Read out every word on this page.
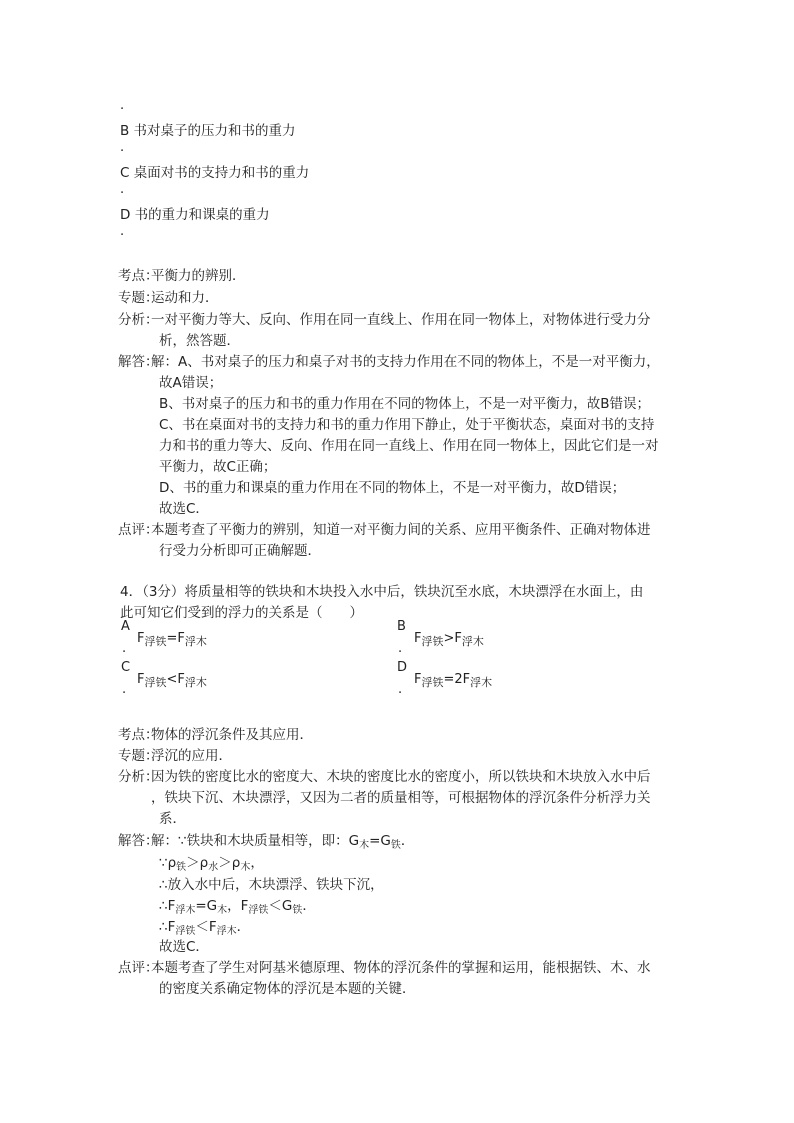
.
B 书对桌子的压力和书的重力
.
C 桌面对书的支持力和书的重力
.
D 书的重力和课桌的重力
.
考点：
平衡力的辨别．
专题：
运动和力．
分析：
一对平衡力等大、反向、作用在同一直线上、作用在同一物体上，对物体进行受力分
析，然答题．
解答：
解：A、书对桌子的压力和桌子对书的支持力作用在不同的物体上，不是一对平衡力，
故A错误；
B、书对桌子的压力和书的重力作用在不同的物体上，不是一对平衡力，故B错误；
C、书在桌面对书的支持力和书的重力作用下静止，处于平衡状态，桌面对书的支持
力和书的重力等大、反向、作用在同一直线上、作用在同一物体上，因此它们是一对
平衡力，故C正确；
D、书的重力和课桌的重力作用在不同的物体上，不是一对平衡力，故D错误；
故选C．
点评：
本题考查了平衡力的辨别，知道一对平衡力间的关系、应用平衡条件、正确对物体进
行受力分析即可正确解题．
4．（3分）将质量相等的铁块和木块投入水中后，铁块沉至水底，木块漂浮在水面上，由
此可知它们受到的浮力的关系是（　　）
A
.
$F_{浮铁}=F_{浮木}$
B
.
$F_{浮铁}>F_{浮木}$
C
.
$F_{浮铁}<F_{浮木}$
D
.
$F_{浮铁}=2F_{浮木}$
考点：
物体的浮沉条件及其应用．
专题：
浮沉的应用．
分析：
因为铁的密度比水的密度大、木块的密度比水的密度小，所以铁块和木块放入水中后
，铁块下沉、木块漂浮，又因为二者的质量相等，可根据物体的浮沉条件分析浮力关
系．
解答：
解：∵铁块和木块质量相等，即：$G_木=G_铁$．
$\because\rho_铁>\rho_水>\rho_木$，
∴放入水中后，木块漂浮、铁块下沉，
$\therefore F_{浮木}=G_木$，$F_{浮铁}<G_铁$．
$\therefore F_{浮铁}<F_{浮木}$．
故选C．
点评：
本题考查了学生对阿基米德原理、物体的浮沉条件的掌握和运用，能根据铁、木、水
的密度关系确定物体的浮沉是本题的关键．
